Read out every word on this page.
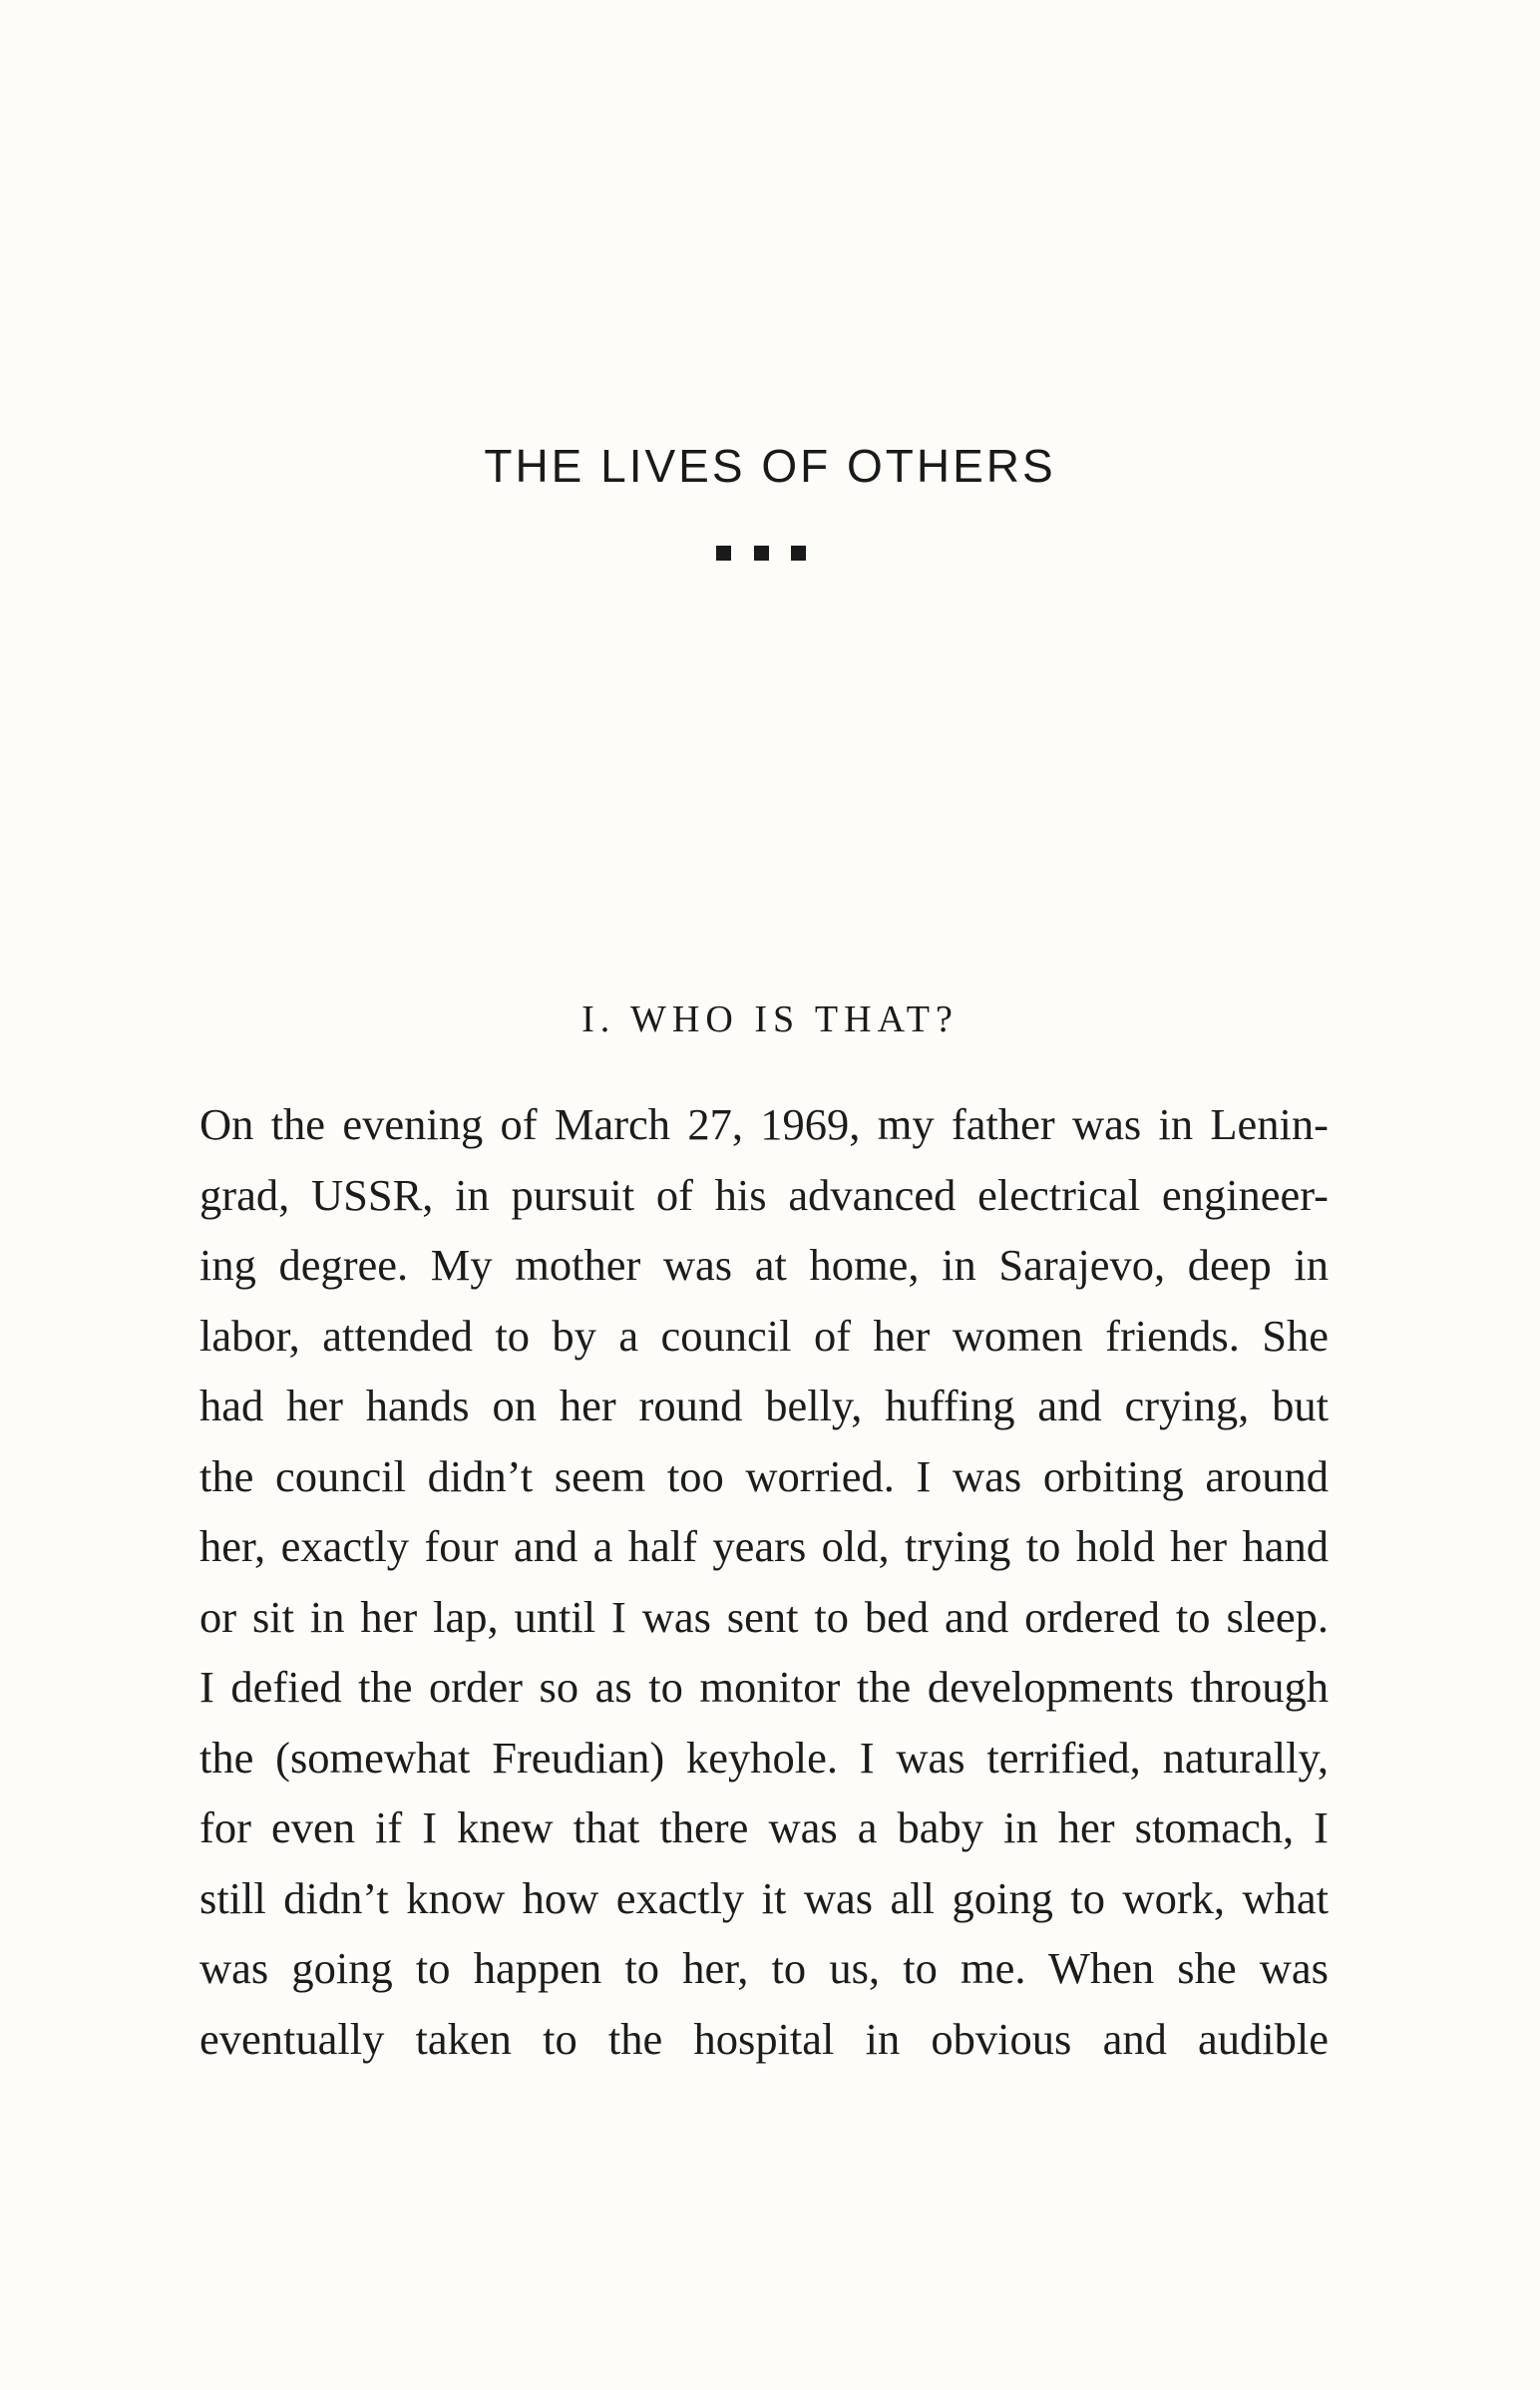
THE LIVES OF OTHERS
I. WHO IS THAT?
On the evening of March 27, 1969, my father was in Lenin-
grad, USSR, in pursuit of his advanced electrical engineer-
ing degree. My mother was at home, in Sarajevo, deep in
labor, attended to by a council of her women friends. She
had her hands on her round belly, huffing and crying, but
the council didn’t seem too worried. I was orbiting around
her, exactly four and a half years old, trying to hold her hand
or sit in her lap, until I was sent to bed and ordered to sleep.
I defied the order so as to monitor the developments through
the (somewhat Freudian) keyhole. I was terrified, naturally,
for even if I knew that there was a baby in her stomach, I
still didn’t know how exactly it was all going to work, what
was going to happen to her, to us, to me. When she was
eventually taken to the hospital in obvious and audible
